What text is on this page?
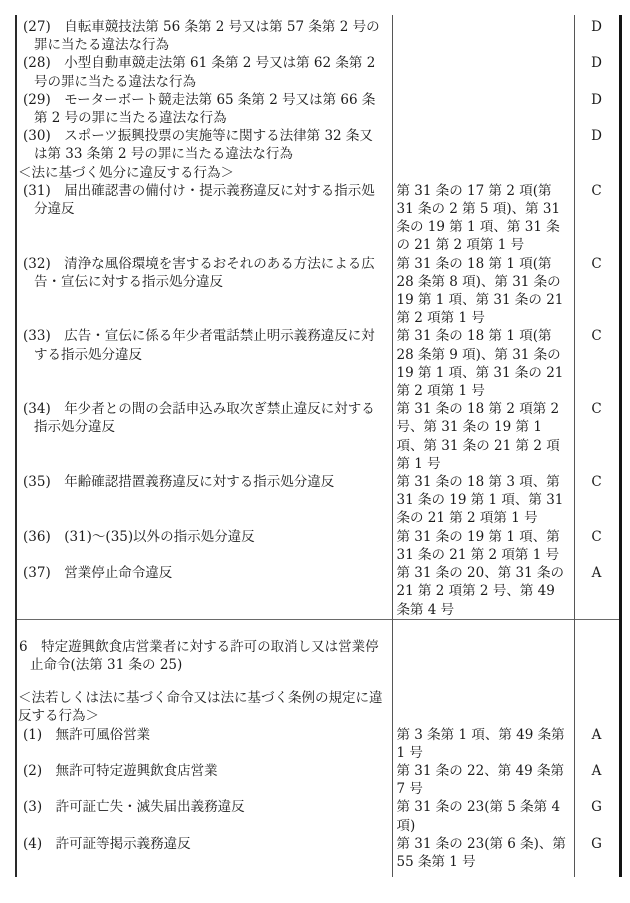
(27)　自転車競技法第 56 条第 2 号又は第 57 条第 2 号の罪に当たる違法な行為		D
(28)　小型自動車競走法第 61 条第 2 号又は第 62 条第 2 号の罪に当たる違法な行為		D
(29)　モーターボート競走法第 65 条第 2 号又は第 66 条第 2 号の罪に当たる違法な行為		D
(30)　スポーツ振興投票の実施等に関する法律第 32 条又は第 33 条第 2 号の罪に当たる違法な行為		D
＜法に基づく処分に違反する行為＞		
(31)　届出確認書の備付け・提示義務違反に対する指示処分違反	第 31 条の 17 第 2 項(第 31 条の 2 第 5 項)、第 31 条の 19 第 1 項、第 31 条の 21 第 2 項第 1 号	C
(32)　清浄な風俗環境を害するおそれのある方法による広告・宣伝に対する指示処分違反	第 31 条の 18 第 1 項(第 28 条第 8 項)、第 31 条の 19 第 1 項、第 31 条の 21 第 2 項第 1 号	C
(33)　広告・宣伝に係る年少者電話禁止明示義務違反に対する指示処分違反	第 31 条の 18 第 1 項(第 28 条第 9 項)、第 31 条の 19 第 1 項、第 31 条の 21 第 2 項第 1 号	C
(34)　年少者との間の会話申込み取次ぎ禁止違反に対する指示処分違反	第 31 条の 18 第 2 項第 2 号、第 31 条の 19 第 1 項、第 31 条の 21 第 2 項第 1 号	C
(35)　年齢確認措置義務違反に対する指示処分違反	第 31 条の 18 第 3 項、第 31 条の 19 第 1 項、第 31 条の 21 第 2 項第 1 号	C
(36)　(31)～(35)以外の指示処分違反	第 31 条の 19 第 1 項、第 31 条の 21 第 2 項第 1 号	C
(37)　営業停止命令違反	第 31 条の 20、第 31 条の 21 第 2 項第 2 号、第 49 条第 4 号	A
6　特定遊興飲食店営業者に対する許可の取消し又は営業停止命令(法第 31 条の 25)		
＜法若しくは法に基づく命令又は法に基づく条例の規定に違反する行為＞		
(1)　無許可風俗営業	第 3 条第 1 項、第 49 条第 1 号	A
(2)　無許可特定遊興飲食店営業	第 31 条の 22、第 49 条第 7 号	A
(3)　許可証亡失・滅失届出義務違反	第 31 条の 23(第 5 条第 4 項)	G
(4)　許可証等掲示義務違反	第 31 条の 23(第 6 条)、第 55 条第 1 号	G
